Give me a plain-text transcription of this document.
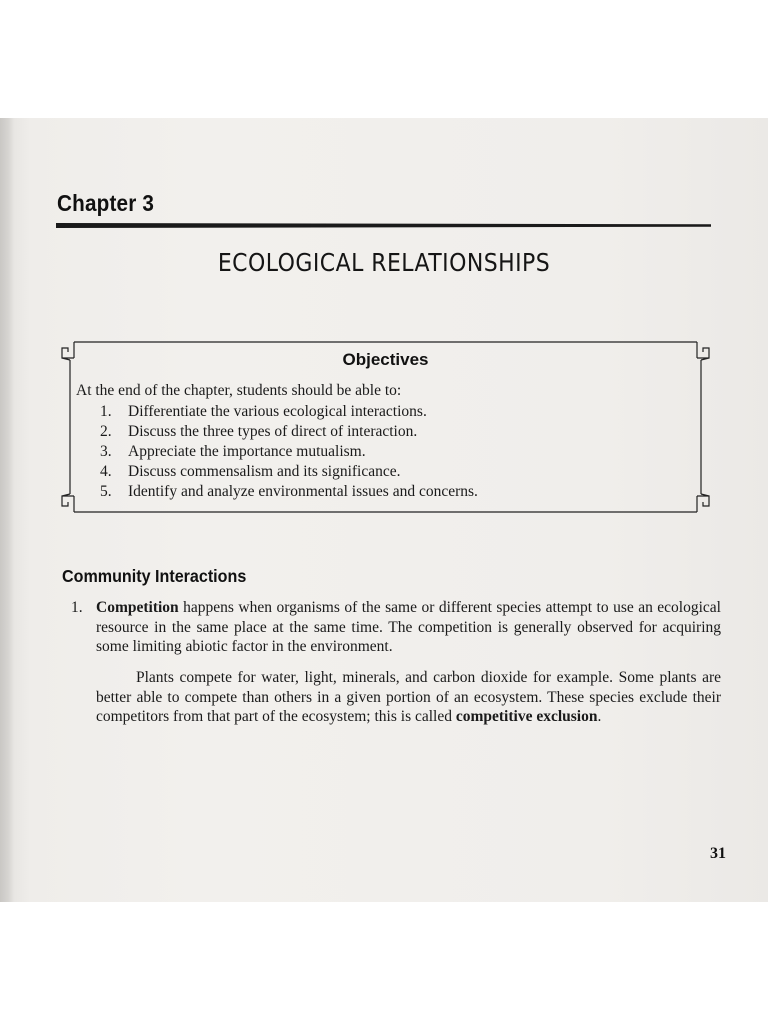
Chapter 3
ECOLOGICAL RELATIONSHIPS
Objectives
At the end of the chapter, students should be able to:
1. Differentiate the various ecological interactions.
2. Discuss the three types of direct of interaction.
3. Appreciate the importance mutualism.
4. Discuss commensalism and its significance.
5. Identify and analyze environmental issues and concerns.
Community Interactions
1. Competition happens when organisms of the same or different species attempt to use an ecological resource in the same place at the same time. The competition is generally observed for acquiring some limiting abiotic factor in the environment.
Plants compete for water, light, minerals, and carbon dioxide for example. Some plants are better able to compete than others in a given portion of an ecosystem. These species exclude their competitors from that part of the ecosystem; this is called competitive exclusion.
31
